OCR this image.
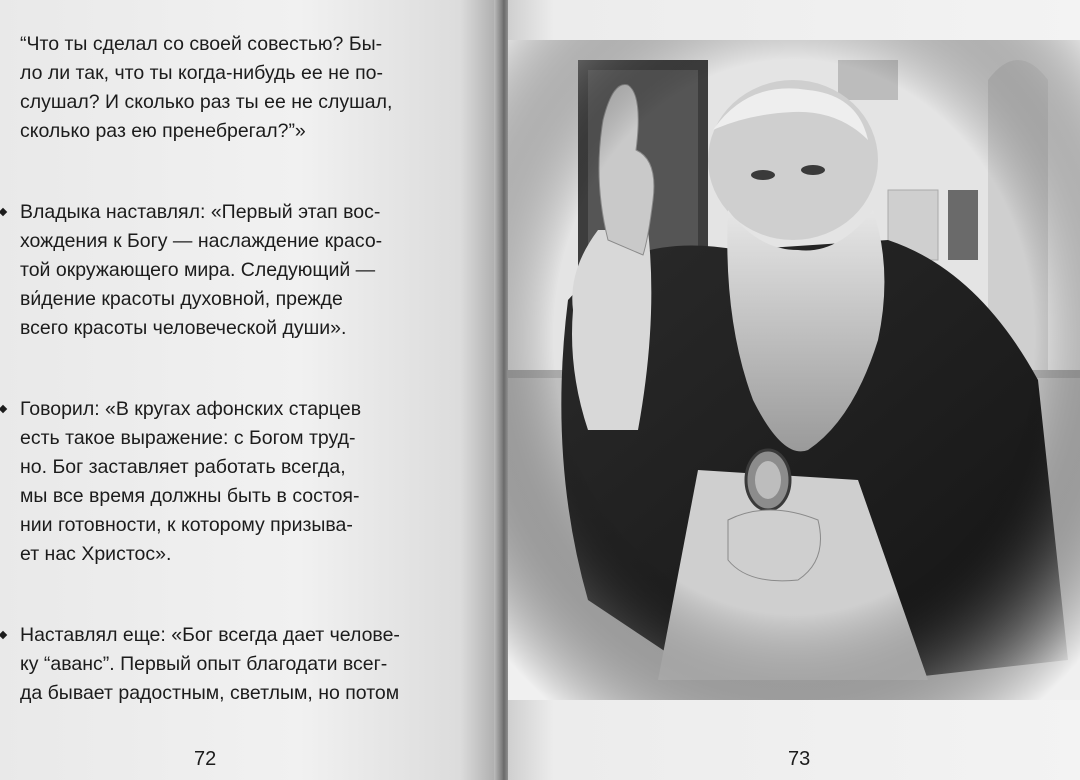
“Что ты сделал со своей совестью? Бы-
ло ли так, что ты когда-нибудь ее не по-
слушал? И сколько раз ты ее не слушал,
сколько раз ею пренебрегал?”»

Владыка наставлял: «Первый этап вос-
хождения к Богу — наслаждение красо-
той окружающего мира. Следующий —
ви́дение красоты духовной, прежде
всего красоты человеческой души».

Говорил: «В кругах афонских старцев
есть такое выражение: с Богом труд-
но. Бог заставляет работать всегда,
мы все время должны быть в состоя-
нии готовности, к которому призыва-
ет нас Христос».

Наставлял еще: «Бог всегда дает челове-
ку “аванс”. Первый опыт благодати всег-
да бывает радостным, светлым, но потом

72	73
